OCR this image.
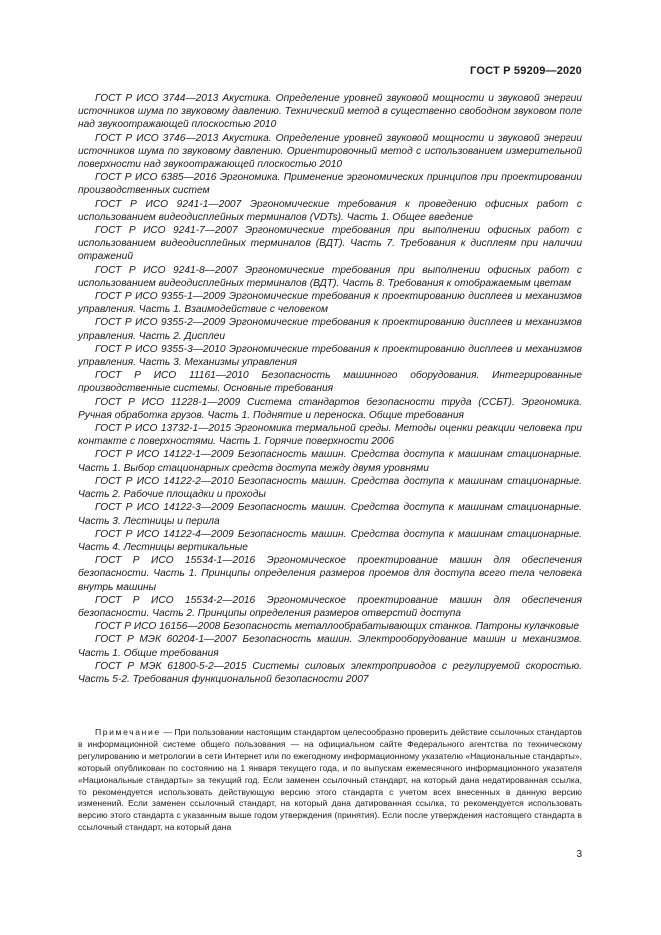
ГОСТ Р 59209—2020

ГОСТ Р ИСО 3744—2013 Акустика. Определение уровней звуковой мощности и звуковой энергии источников шума по звуковому давлению. Технический метод в существенно свободном звуковом поле над звукоотражающей плоскостью 2010

ГОСТ Р ИСО 3746—2013 Акустика. Определение уровней звуковой мощности и звуковой энергии источников шума по звуковому давлению. Ориентировочный метод с использованием измерительной поверхности над звукоотражающей плоскостью 2010

ГОСТ Р ИСО 6385—2016 Эргономика. Применение эргономических принципов при проектировании производственных систем

ГОСТ Р ИСО 9241-1—2007 Эргономические требования к проведению офисных работ с использованием видеодисплейных терминалов (VDTs). Часть 1. Общее введение

ГОСТ Р ИСО 9241-7—2007 Эргономические требования при выполнении офисных работ с использованием видеодисплейных терминалов (ВДТ). Часть 7. Требования к дисплеям при наличии отражений

ГОСТ Р ИСО 9241-8—2007 Эргономические требования при выполнении офисных работ с использованием видеодисплейных терминалов (ВДТ). Часть 8. Требования к отображаемым цветам

ГОСТ Р ИСО 9355-1—2009 Эргономические требования к проектированию дисплеев и механизмов управления. Часть 1. Взаимодействие с человеком

ГОСТ Р ИСО 9355-2—2009 Эргономические требования к проектированию дисплеев и механизмов управления. Часть 2. Дисплеи

ГОСТ Р ИСО 9355-3—2010 Эргономические требования к проектированию дисплеев и механизмов управления. Часть 3. Механизмы управления

ГОСТ Р ИСО 11161—2010 Безопасность машинного оборудования. Интегрированные производственные системы. Основные требования

ГОСТ Р ИСО 11228-1—2009 Система стандартов безопасности труда (ССБТ). Эргономика. Ручная обработка грузов. Часть 1. Поднятие и переноска. Общие требования

ГОСТ Р ИСО 13732-1—2015 Эргономика термальной среды. Методы оценки реакции человека при контакте с поверхностями. Часть 1. Горячие поверхности 2006

ГОСТ Р ИСО 14122-1—2009 Безопасность машин. Средства доступа к машинам стационарные. Часть 1. Выбор стационарных средств доступа между двумя уровнями

ГОСТ Р ИСО 14122-2—2010 Безопасность машин. Средства доступа к машинам стационарные. Часть 2. Рабочие площадки и проходы

ГОСТ Р ИСО 14122-3—2009 Безопасность машин. Средства доступа к машинам стационарные. Часть 3. Лестницы и перила

ГОСТ Р ИСО 14122-4—2009 Безопасность машин. Средства доступа к машинам стационарные. Часть 4. Лестницы вертикальные

ГОСТ Р ИСО 15534-1—2016 Эргономическое проектирование машин для обеспечения безопасности. Часть 1. Принципы определения размеров проемов для доступа всего тела человека внутрь машины

ГОСТ Р ИСО 15534-2—2016 Эргономическое проектирование машин для обеспечения безопасности. Часть 2. Принципы определения размеров отверстий доступа

ГОСТ Р ИСО 16156—2008 Безопасность металлообрабатывающих станков. Патроны кулачковые

ГОСТ Р МЭК 60204-1—2007 Безопасность машин. Электрооборудование машин и механизмов. Часть 1. Общие требования

ГОСТ Р МЭК 61800-5-2—2015 Системы силовых электроприводов с регулируемой скоростью. Часть 5-2. Требования функциональной безопасности 2007

Примечание — При пользовании настоящим стандартом целесообразно проверить действие ссылочных стандартов в информационной системе общего пользования — на официальном сайте Федерального агентства по техническому регулированию и метрологии в сети Интернет или по ежегодному информационному указателю «Национальные стандарты», который опубликован по состоянию на 1 января текущего года, и по выпускам ежемесячного информационного указателя «Национальные стандарты» за текущий год. Если заменен ссылочный стандарт, на который дана недатированная ссылка, то рекомендуется использовать действующую версию этого стандарта с учетом всех внесенных в данную версию изменений. Если заменен ссылочный стандарт, на который дана датированная ссылка, то рекомендуется использовать версию этого стандарта с указанным выше годом утверждения (принятия). Если после утверждения настоящего стандарта в ссылочный стандарт, на который дана

3
